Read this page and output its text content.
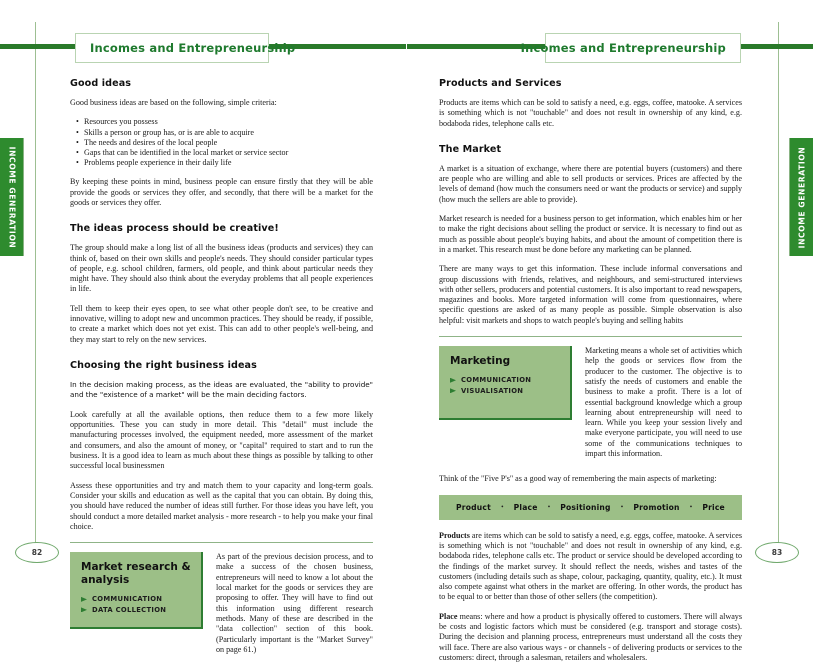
Incomes and Entrepreneurship
INCOME GENERATION
82
Good ideas

Good business ideas are based on the following, simple criteria:

• Resources you possess
• Skills a person or group has, or is are able to acquire
• The needs and desires of the local people
• Gaps that can be identified in the local market or service sector
• Problems people experience in their daily life

By keeping these points in mind, business people can ensure firstly that they will be able provide the goods or services they offer, and secondly, that there will be a market for the goods or services they offer.

The ideas process should be creative!

The group should make a long list of all the business ideas (products and services) they can think of, based on their own skills and people's needs. They should consider particular types of people, e.g. school children, farmers, old people, and think about particular needs they might have. They should also think about the everyday problems that all people experiences in life.

Tell them to keep their eyes open, to see what other people don't see, to be creative and innovative, willing to adopt new and uncommon practices. They should be ready, if possible, to create a market which does not yet exist. This can add to other people's well-being, and they may start to rely on the new services.

Choosing the right business ideas

In the decision making process, as the ideas are evaluated, the "ability to provide" and the "existence of a market" will be the main deciding factors.

Look carefully at all the available options, then reduce them to a few more likely opportunities. These you can study in more detail. This "detail" must include the manufacturing processes involved, the equipment needed, more assessment of the market and consumers, and also the amount of money, or "capital" required to start and to run the business. It is a good idea to learn as much about these things as possible by talking to other successful local businessmen

Assess these opportunities and try and match them to your capacity and long-term goals. Consider your skills and education as well as the capital that you can obtain. By doing this, you should have reduced the number of ideas still further. For those ideas you have left, you should conduct a more detailed market analysis - more research - to help you make your final choice.

Market research & analysis
COMMUNICATION
DATA COLLECTION

As part of the previous decision process, and to make a success of the chosen business, entrepreneurs will need to know a lot about the local market for the goods or services they are proposing to offer. They will have to find out this information using different research methods. Many of these are described in the "data collection" section of this book. (Particularly important is the "Market Survey" on page 61.)

Incomes and Entrepreneurship
INCOME GENERATION
83
Products and Services

Products are items which can be sold to satisfy a need, e.g. eggs, coffee, matooke. A services is something which is not "touchable" and does not result in ownership of any kind, e.g. bodaboda rides, telephone calls etc.

The Market

A market is a situation of exchange, where there are potential buyers (customers) and there are people who are willing and able to sell products or services. Prices are affected by the levels of demand (how much the consumers need or want the products or service) and supply (how much the sellers are able to provide).

Market research is needed for a business person to get information, which enables him or her to make the right decisions about selling the product or service. It is necessary to find out as much as possible about people's buying habits, and about the amount of competition there is in a market. This research must be done before any marketing can be planned.

There are many ways to get this information. These include informal conversations and group discussions with friends, relatives, and neighbours, and semi-structured interviews with other sellers, producers and potential customers. It is also important to read newspapers, magazines and books. More targeted information will come from questionnaires, where specific questions are asked of as many people as possible. Simple observation is also helpful: visit markets and shops to watch people's buying and selling habits

Marketing
COMMUNICATION
VISUALISATION

Marketing means a whole set of activities which help the goods or services flow from the producer to the customer. The objective is to satisfy the needs of customers and enable the business to make a profit. There is a lot of essential background knowledge which a group learning about entrepreneurship will need to learn. While you keep your session lively and make everyone participate, you will need to use some of the communications techniques to impart this information.

Think of the "Five P's" as a good way of remembering the main aspects of marketing:

Product • Place • Positioning • Promotion • Price

Products are items which can be sold to satisfy a need, e.g. eggs, coffee, matooke. A services is something which is not "touchable" and does not result in ownership of any kind, e.g. bodaboda rides, telephone calls etc. The product or service should be developed according to the findings of the market survey. It should reflect the needs, wishes and tastes of the customers (including details such as shape, colour, packaging, quantity, quality, etc.). It must also compete against what others in the market are offering. In other words, the product has to be equal to or better than those of other sellers (the competition).

Place means: where and how a product is physically offered to customers. There will always be costs and logistic factors which must be considered (e.g. transport and storage costs). During the decision and planning process, entrepreneurs must understand all the costs they will face. There are also various ways - or channels - of delivering products or services to the customers: direct, through a salesman, retailers and wholesalers.
